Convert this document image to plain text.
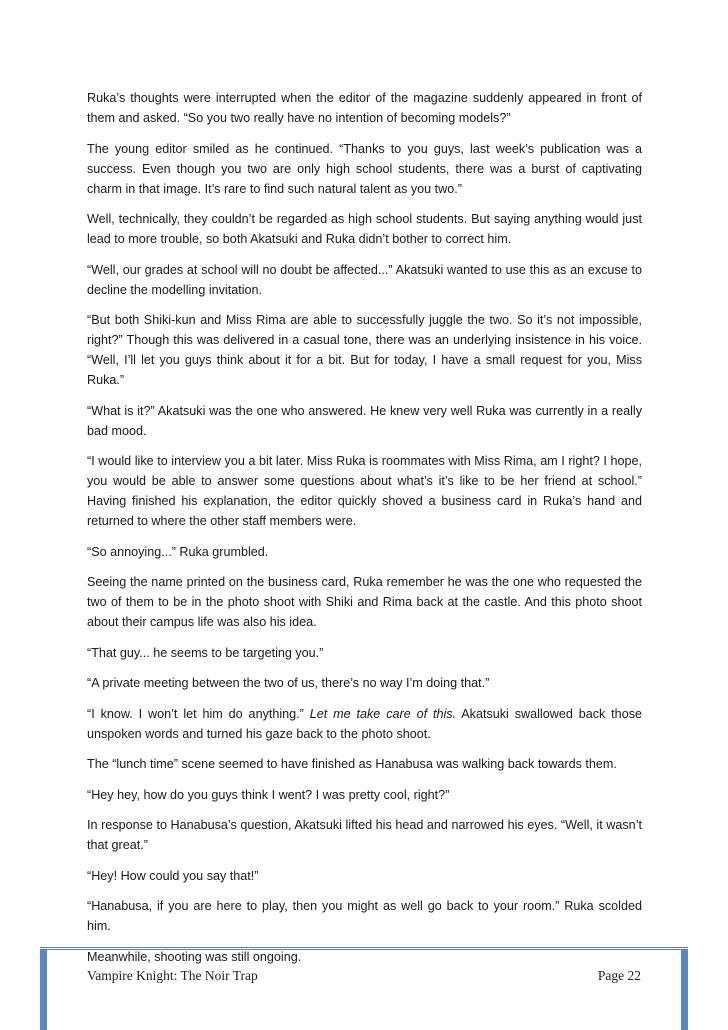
Ruka’s thoughts were interrupted when the editor of the magazine suddenly appeared in front of them and asked. “So you two really have no intention of becoming models?”

The young editor smiled as he continued. “Thanks to you guys, last week’s publication was a success. Even though you two are only high school students, there was a burst of captivating charm in that image. It’s rare to find such natural talent as you two.”

Well, technically, they couldn’t be regarded as high school students. But saying anything would just lead to more trouble, so both Akatsuki and Ruka didn’t bother to correct him.

“Well, our grades at school will no doubt be affected...” Akatsuki wanted to use this as an excuse to decline the modelling invitation.

“But both Shiki-kun and Miss Rima are able to successfully juggle the two. So it’s not impossible, right?” Though this was delivered in a casual tone, there was an underlying insistence in his voice. “Well, I’ll let you guys think about it for a bit. But for today, I have a small request for you, Miss Ruka.”

“What is it?” Akatsuki was the one who answered. He knew very well Ruka was currently in a really bad mood.

“I would like to interview you a bit later. Miss Ruka is roommates with Miss Rima, am I right? I hope, you would be able to answer some questions about what’s it’s like to be her friend at school.” Having finished his explanation, the editor quickly shoved a business card in Ruka’s hand and returned to where the other staff members were.

“So annoying...” Ruka grumbled.

Seeing the name printed on the business card, Ruka remember he was the one who requested the two of them to be in the photo shoot with Shiki and Rima back at the castle. And this photo shoot about their campus life was also his idea.

“That guy... he seems to be targeting you.”

“A private meeting between the two of us, there’s no way I’m doing that.”

“I know. I won’t let him do anything.” Let me take care of this. Akatsuki swallowed back those unspoken words and turned his gaze back to the photo shoot.

The “lunch time” scene seemed to have finished as Hanabusa was walking back towards them.

“Hey hey, how do you guys think I went? I was pretty cool, right?”

In response to Hanabusa’s question, Akatsuki lifted his head and narrowed his eyes. “Well, it wasn’t that great.”

“Hey! How could you say that!”

“Hanabusa, if you are here to play, then you might as well go back to your room.” Ruka scolded him.

Meanwhile, shooting was still ongoing.

Vampire Knight: The Noir Trap	Page 22
